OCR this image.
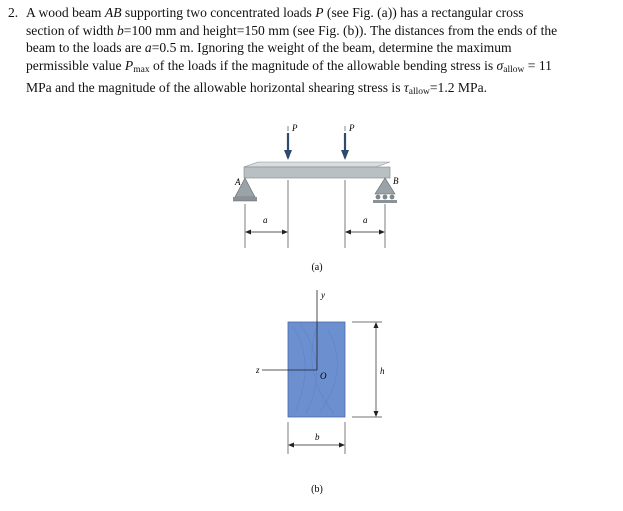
2. A wood beam AB supporting two concentrated loads P (see Fig. (a)) has a rectangular cross
section of width b=100 mm and height=150 mm (see Fig. (b)). The distances from the ends of the
beam to the loads are a=0.5 m. Ignoring the weight of the beam, determine the maximum
permissible value $P_{max}$ of the loads if the magnitude of the allowable bending stress is $\sigma_{allow} = 11$
MPa and the magnitude of the allowable horizontal shearing stress is $\tau_{allow}=1.2$ MPa.
P	P
A	B
a	a
(a)
y
z
O	h
b
(b)
